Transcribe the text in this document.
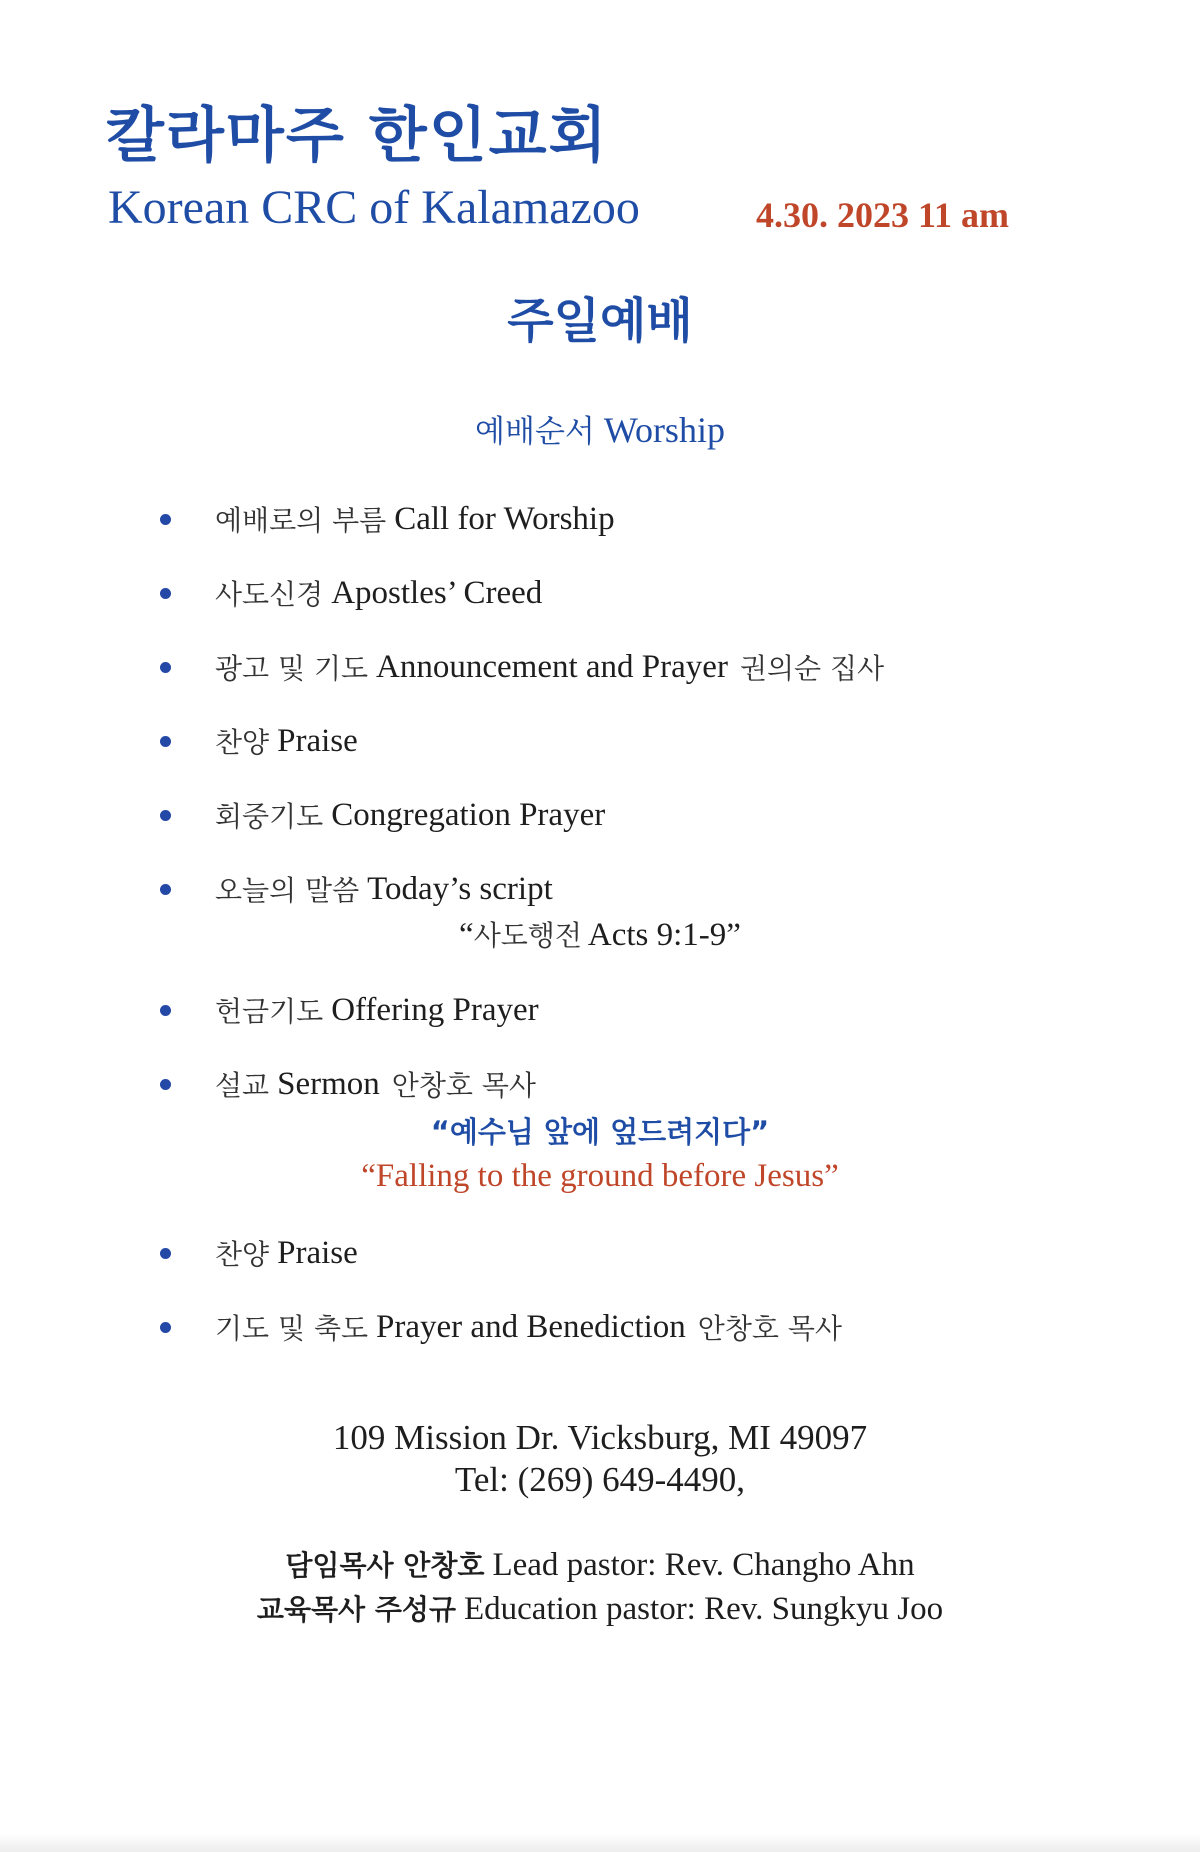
칼라마주 한인교회
Korean CRC of Kalamazoo	4.30. 2023 11 am
주일예배
예배순서 Worship
예배로의 부름 Call for Worship
사도신경 Apostles’ Creed
광고 및 기도 Announcement and Prayer 권의순 집사
찬양 Praise
회중기도 Congregation Prayer
오늘의 말씀 Today’s script
“사도행전 Acts 9:1-9”
헌금기도 Offering Prayer
설교 Sermon 안창호 목사
“예수님 앞에 엎드려지다”
“Falling to the ground before Jesus”
찬양 Praise
기도 및 축도 Prayer and Benediction 안창호 목사
109 Mission Dr. Vicksburg, MI 49097
Tel: (269) 649-4490,
담임목사 안창호 Lead pastor: Rev. Changho Ahn
교육목사 주성규 Education pastor: Rev. Sungkyu Joo
